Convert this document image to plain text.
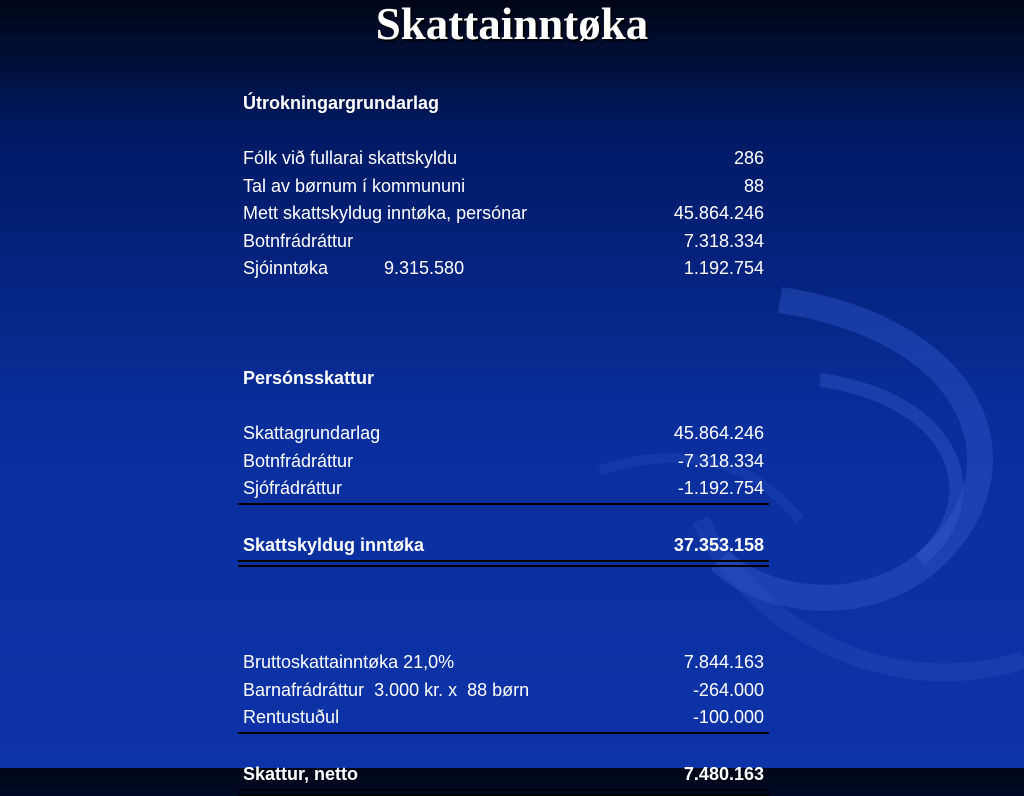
Skattainntøka
Útrokningargrundarlag
Fólk við fullarai skattskyldu	286
Tal av børnum í kommununi	88
Mett skattskyldug inntøka, persónar	45.864.246
Botnfrádráttur	7.318.334
Sjóinntøka	9.315.580	1.192.754
Persónsskattur
Skattagrundarlag	45.864.246
Botnfrádráttur	-7.318.334
Sjófrádráttur	-1.192.754
Skattskyldug inntøka	37.353.158
Bruttoskattainntøka 21,0%	7.844.163
Barnafrádráttur  3.000 kr. x  88 børn	-264.000
Rentustuðul	-100.000
Skattur, netto	7.480.163
